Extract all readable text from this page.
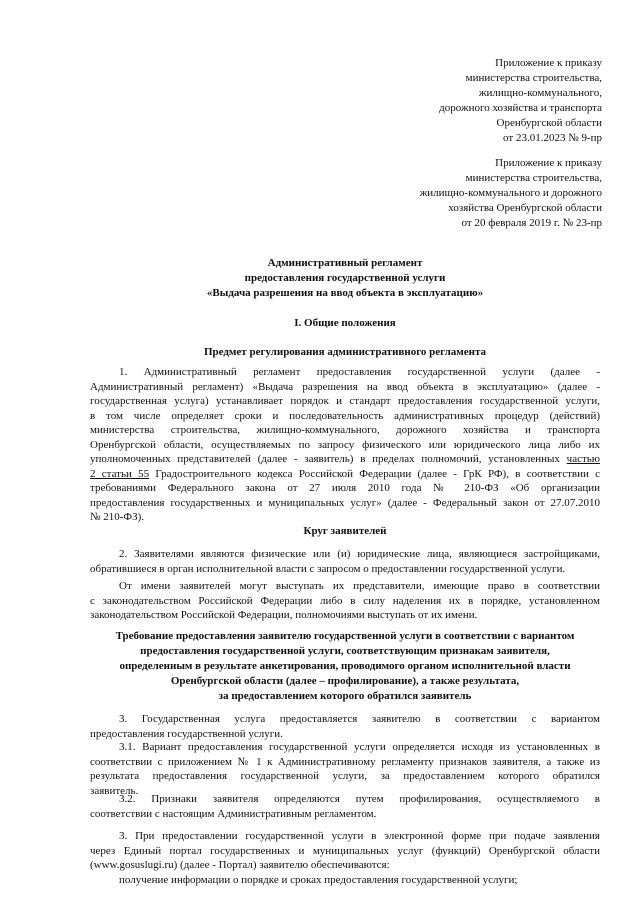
Приложение к приказу
министерства строительства,
жилищно-коммунального,
дорожного хозяйства и транспорта
Оренбургской области
от 23.01.2023 № 9-пр
Приложение к приказу
министерства строительства,
жилищно-коммунального и дорожного
хозяйства Оренбургской области
от 20 февраля 2019 г. № 23-пр
Административный регламент
предоставления государственной услуги
«Выдача разрешения на ввод объекта в эксплуатацию»
I. Общие положения
Предмет регулирования административного регламента
1. Административный регламент предоставления государственной услуги (далее -
Административный регламент) «Выдача разрешения на ввод объекта в эксплуатацию» (далее -
государственная услуга) устанавливает порядок и стандарт предоставления государственной услуги,
в том числе определяет сроки и последовательность административных процедур (действий)
министерства строительства, жилищно-коммунального, дорожного хозяйства и транспорта
Оренбургской области, осуществляемых по запросу физического или юридического лица либо их
уполномоченных представителей (далее - заявитель) в пределах полномочий, установленных частью
2 статьи 55 Градостроительного кодекса Российской Федерации (далее - ГрК РФ), в соответствии с
требованиями Федерального закона от 27 июля 2010 года № 210-ФЗ «Об организации
предоставления государственных и муниципальных услуг» (далее - Федеральный закон от 27.07.2010
№ 210-ФЗ).
Круг заявителей
2. Заявителями являются физические или (и) юридические лица, являющиеся застройщиками,
обратившиеся в орган исполнительной власти с запросом о предоставлении государственной услуги.
От имени заявителей могут выступать их представители, имеющие право в соответствии
с законодательством Российской Федерации либо в силу наделения их в порядке, установленном
законодательством Российской Федерации, полномочиями выступать от их имени.
Требование предоставления заявителю государственной услуги в соответствии с вариантом
предоставления государственной услуги, соответствующим признакам заявителя,
определенным в результате анкетирования, проводимого органом исполнительной власти
Оренбургской области (далее – профилирование), а также результата,
за предоставлением которого обратился заявитель
3. Государственная услуга предоставляется заявителю в соответствии с вариантом
предоставления государственной услуги.
3.1. Вариант предоставления государственной услуги определяется исходя из установленных в
соответствии с приложением № 1 к Административному регламенту признаков заявителя, а также из
результата предоставления государственной услуги, за предоставлением которого обратился
заявитель.
3.2. Признаки заявителя определяются путем профилирования, осуществляемого в
соответствии с настоящим Административным регламентом.
3. При предоставлении государственной услуги в электронной форме при подаче заявления
через Единый портал государственных и муниципальных услуг (функций) Оренбургской области
(www.gosuslugi.ru) (далее - Портал) заявителю обеспечиваются:
получение информации о порядке и сроках предоставления государственной услуги;
